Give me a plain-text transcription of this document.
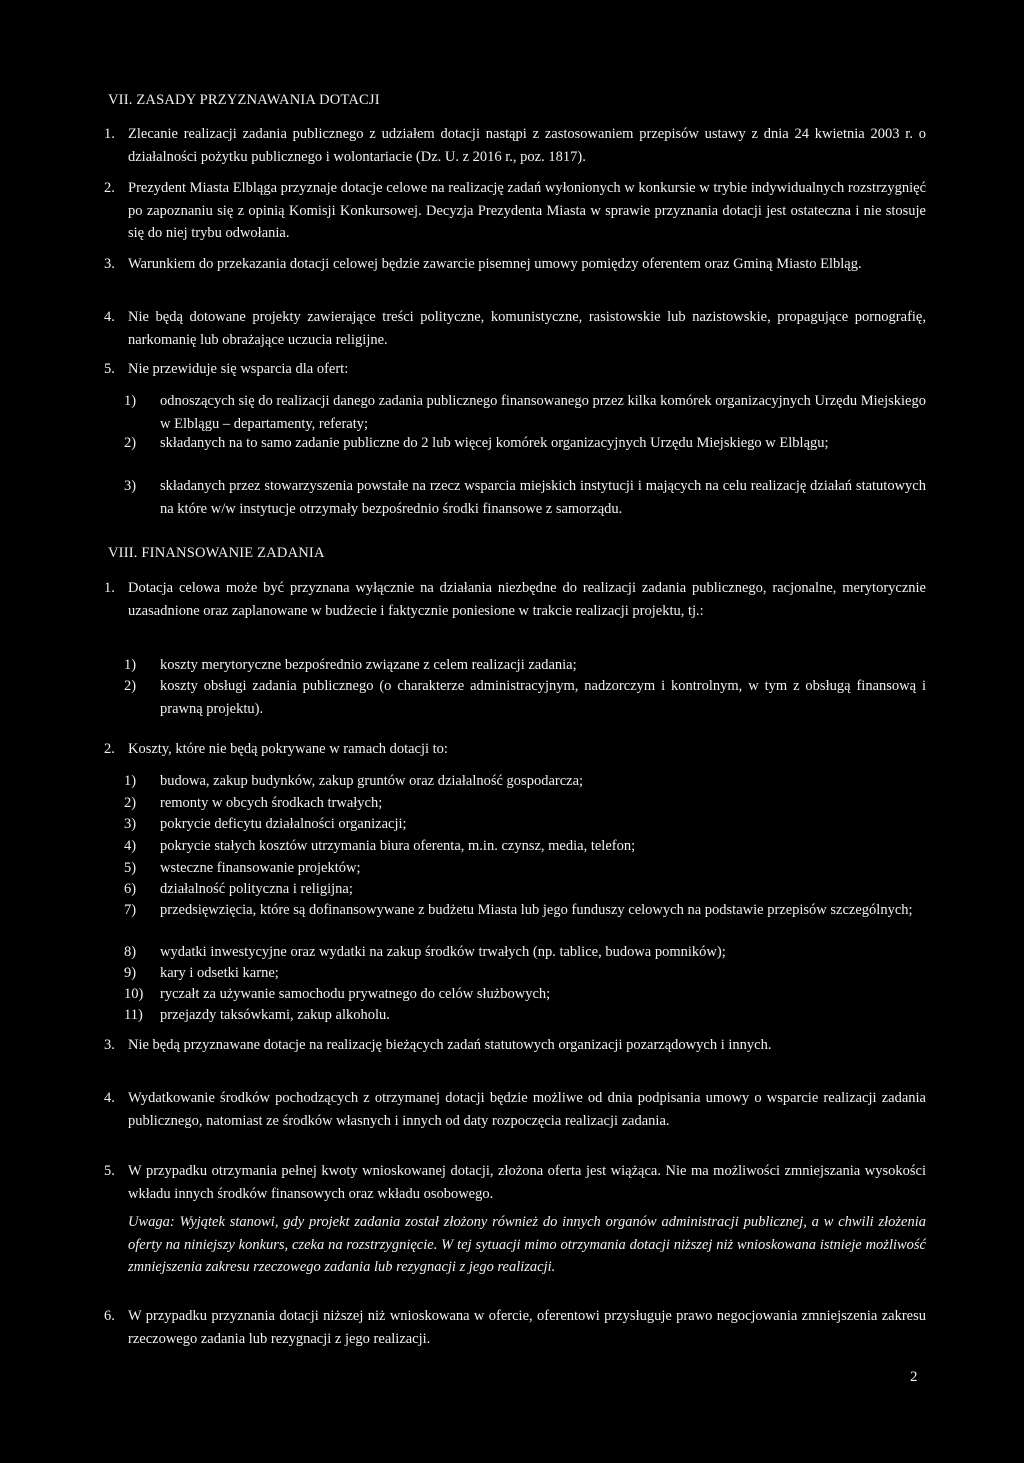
VII. ZASADY PRZYZNAWANIA DOTACJI
1. Zlecanie realizacji zadania publicznego z udziałem dotacji nastąpi z zastosowaniem przepisów ustawy z dnia 24 kwietnia 2003 r. o działalności pożytku publicznego i wolontariacie (Dz. U. z 2016 r., poz. 1817).
2. Prezydent Miasta Elbląga przyznaje dotacje celowe na realizację zadań wyłonionych w konkursie w trybie indywidualnych rozstrzygnięć po zapoznaniu się z opinią Komisji Konkursowej. Decyzja Prezydenta Miasta w sprawie przyznania dotacji jest ostateczna i nie stosuje się do niej trybu odwołania.
3. Warunkiem do przekazania dotacji celowej będzie zawarcie pisemnej umowy pomiędzy oferentem oraz Gminą Miasto Elbląg.
4. Nie będą dotowane projekty zawierające treści polityczne, komunistyczne, rasistowskie lub nazistowskie, propagujące pornografię, narkomanię lub obrażające uczucia religijne.
5. Nie przewiduje się wsparcia dla ofert:
1) odnoszących się do realizacji danego zadania publicznego finansowanego przez kilka komórek organizacyjnych Urzędu Miejskiego w Elblągu – departamenty, referaty;
2) składanych na to samo zadanie publiczne do 2 lub więcej komórek organizacyjnych Urzędu Miejskiego w Elblągu;
3) składanych przez stowarzyszenia powstałe na rzecz wsparcia miejskich instytucji i mających na celu realizację działań statutowych na które w/w instytucje otrzymały bezpośrednio środki finansowe z samorządu.
VIII. FINANSOWANIE ZADANIA
1. Dotacja celowa może być przyznana wyłącznie na działania niezbędne do realizacji zadania publicznego, racjonalne, merytorycznie uzasadnione oraz zaplanowane w budżecie i faktycznie poniesione w trakcie realizacji projektu, tj.:
1) koszty merytoryczne bezpośrednio związane z celem realizacji zadania;
2) koszty obsługi zadania publicznego (o charakterze administracyjnym, nadzorczym i kontrolnym, w tym z obsługą finansową i prawną projektu).
2. Koszty, które nie będą pokrywane w ramach dotacji to:
1) budowa, zakup budynków, zakup gruntów oraz działalność gospodarcza;
2) remonty w obcych środkach trwałych;
3) pokrycie deficytu działalności organizacji;
4) pokrycie stałych kosztów utrzymania biura oferenta, m.in. czynsz, media, telefon;
5) wsteczne finansowanie projektów;
6) działalność polityczna i religijna;
7) przedsięwzięcia, które są dofinansowywane z budżetu Miasta lub jego funduszy celowych na podstawie przepisów szczególnych;
8) wydatki inwestycyjne oraz wydatki na zakup środków trwałych (np. tablice, budowa pomników);
9) kary i odsetki karne;
10) ryczałt za używanie samochodu prywatnego do celów służbowych;
11) przejazdy taksówkami, zakup alkoholu.
3. Nie będą przyznawane dotacje na realizację bieżących zadań statutowych organizacji pozarządowych i innych.
4. Wydatkowanie środków pochodzących z otrzymanej dotacji będzie możliwe od dnia podpisania umowy o wsparcie realizacji zadania publicznego, natomiast ze środków własnych i innych od daty rozpoczęcia realizacji zadania.
5. W przypadku otrzymania pełnej kwoty wnioskowanej dotacji, złożona oferta jest wiążąca. Nie ma możliwości zmniejszania wysokości wkładu innych środków finansowych oraz wkładu osobowego.
Uwaga: Wyjątek stanowi, gdy projekt zadania został złożony również do innych organów administracji publicznej, a w chwili złożenia oferty na niniejszy konkurs, czeka na rozstrzygnięcie. W tej sytuacji mimo otrzymania dotacji niższej niż wnioskowana istnieje możliwość zmniejszenia zakresu rzeczowego zadania lub rezygnacji z jego realizacji.
6. W przypadku przyznania dotacji niższej niż wnioskowana w ofercie, oferentowi przysługuje prawo negocjowania zmniejszenia zakresu rzeczowego zadania lub rezygnacji z jego realizacji.
2
